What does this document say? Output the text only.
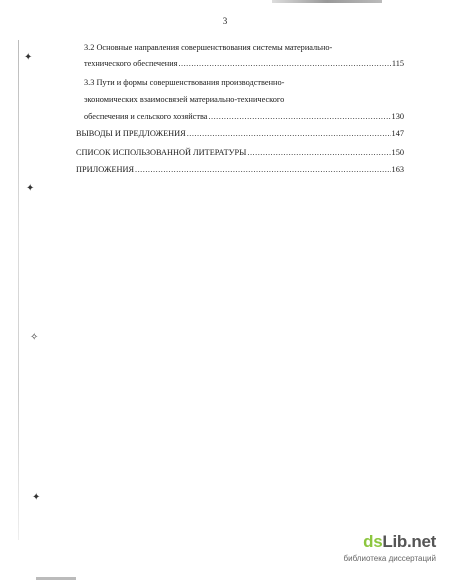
✦
✦
✧
✦
3
3.2 Основные направления совершенствования системы материально-
технического обеспечения .....	115
3.3 Пути и формы совершенствования производственно-
экономических взаимосвязей материально-технического
обеспечения и сельского хозяйства .....	130
ВЫВОДЫ И ПРЕДЛОЖЕНИЯ .....	147
СПИСОК ИСПОЛЬЗОВАННОЙ ЛИТЕРАТУРЫ .....	150
ПРИЛОЖЕНИЯ .....	163
dsLib.net
библиотека диссертаций
